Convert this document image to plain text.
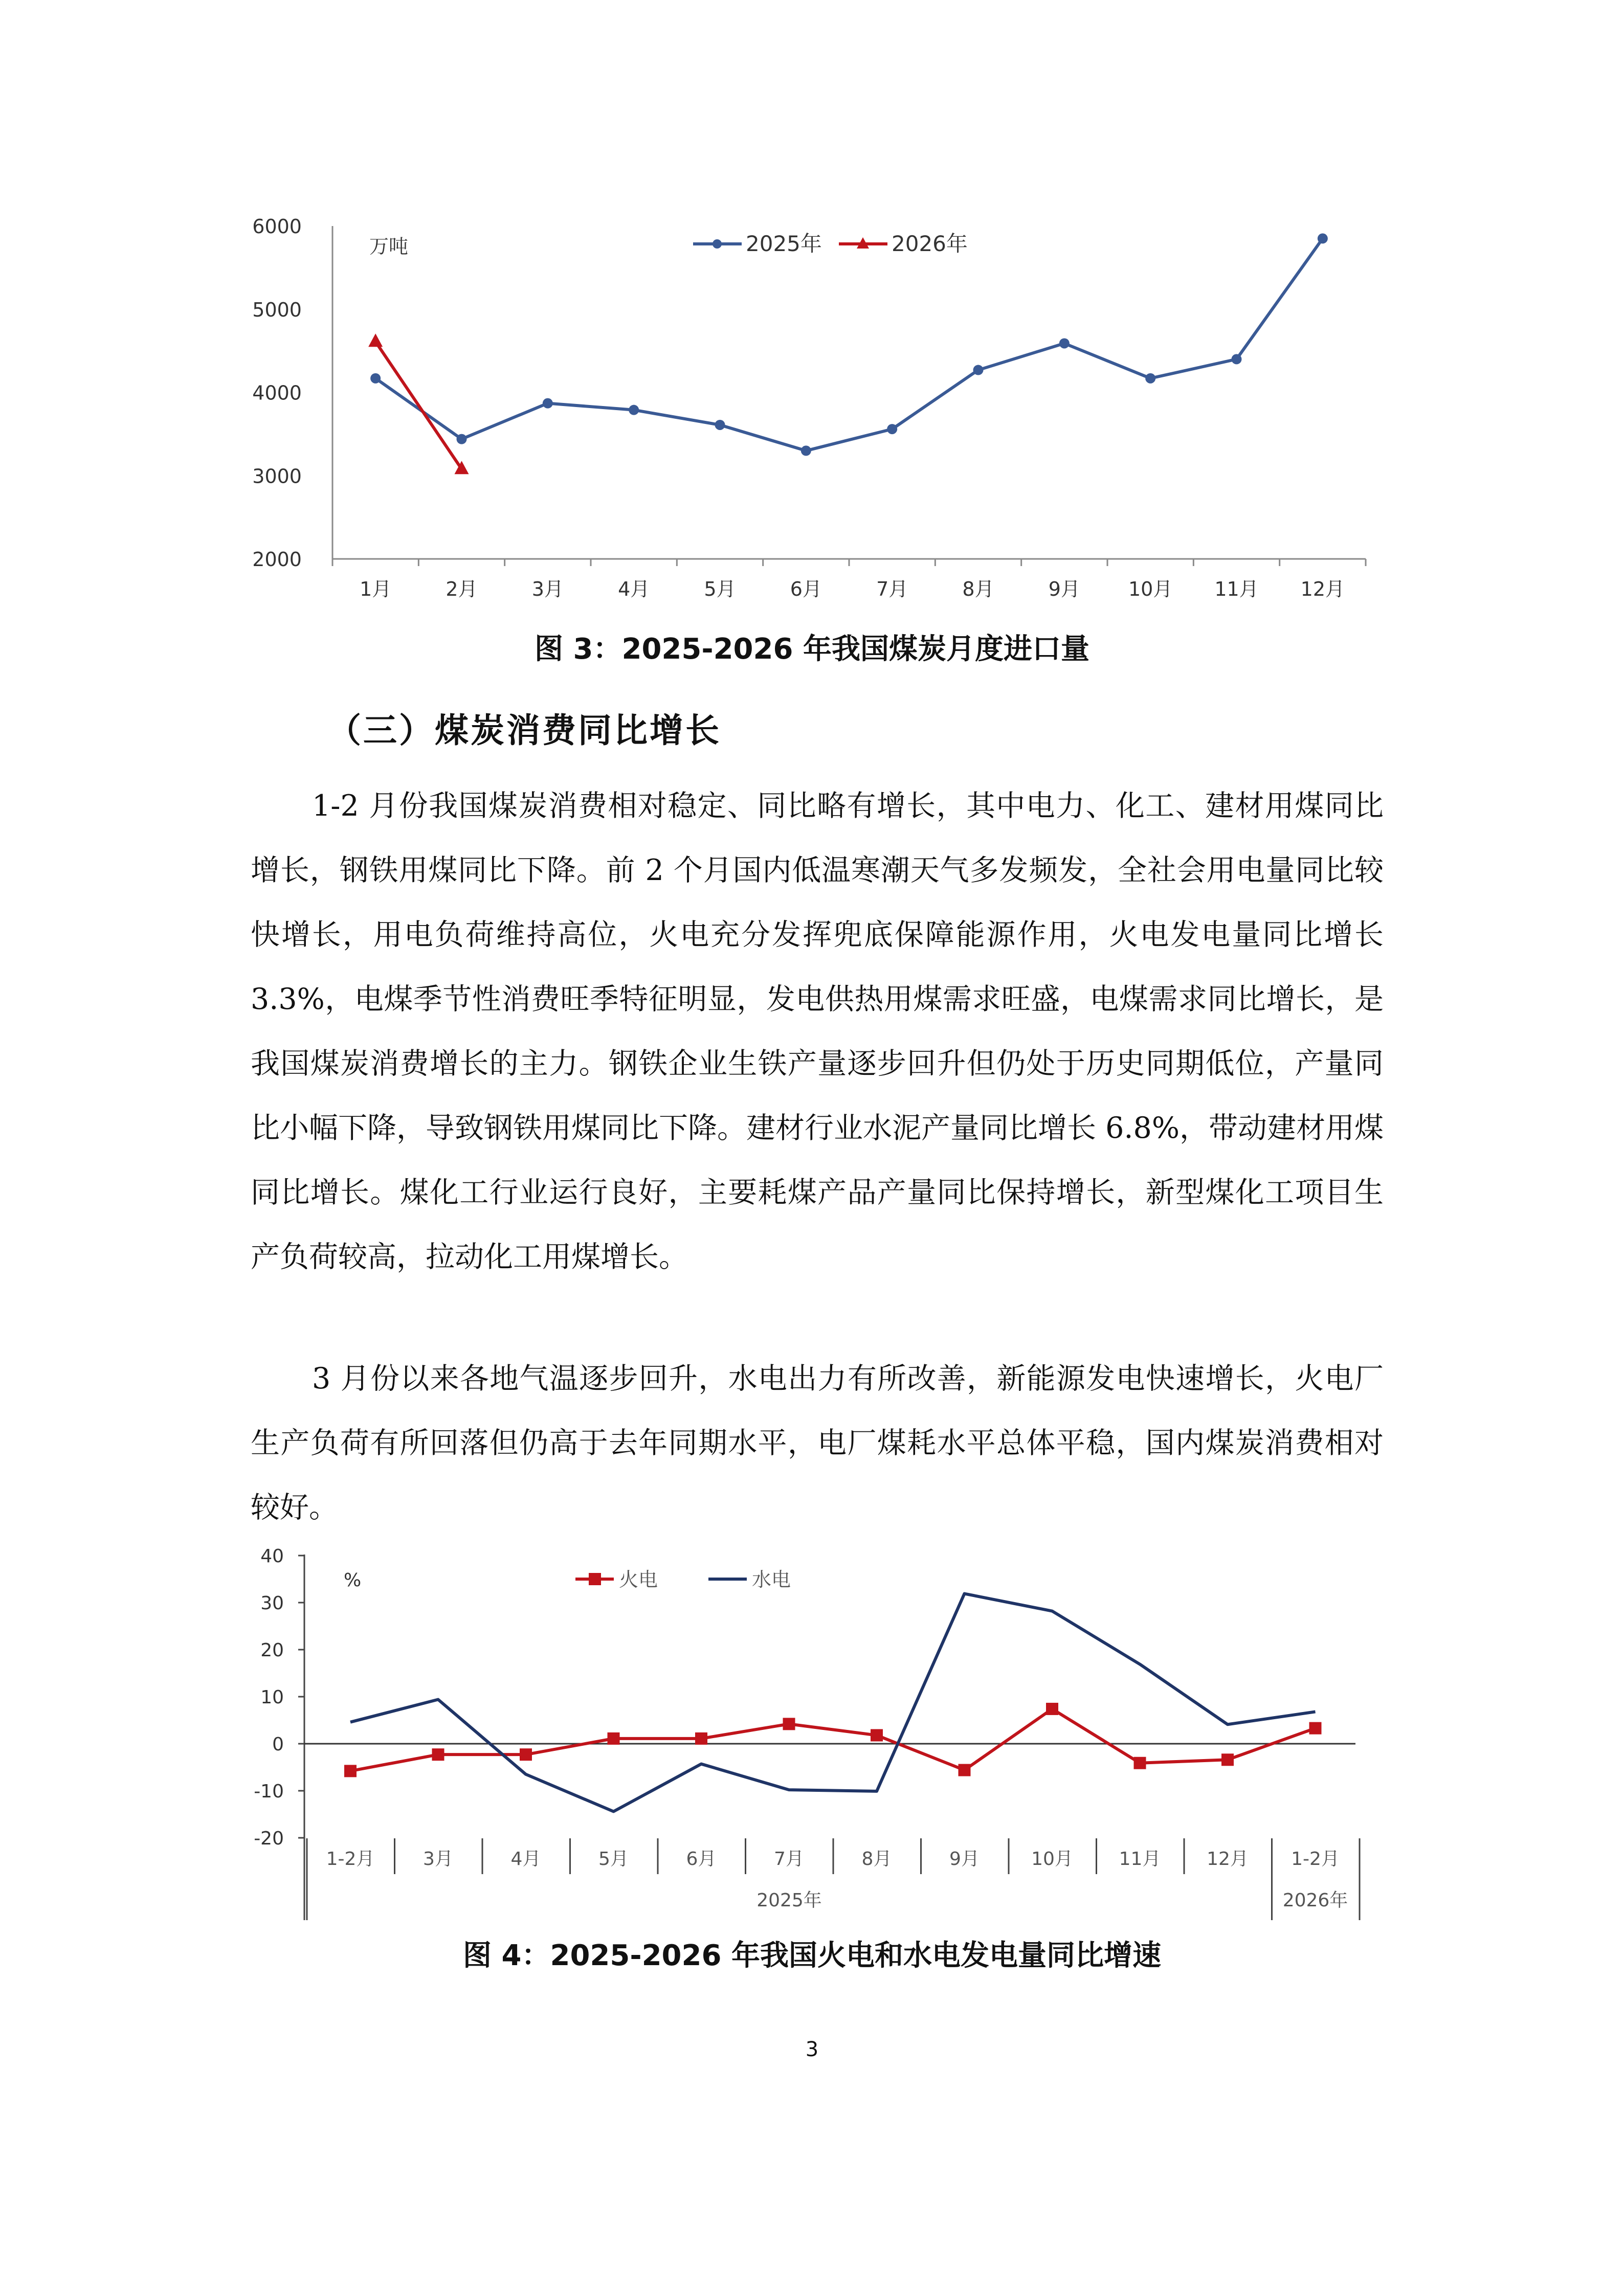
6000
5000
4000
3000
2000
1月	2月	3月	4月	5月	6月	7月	8月	9月 10月 11月 12月
万吨	2025年	2026年

图 3：2025-2026 年我国煤炭月度进口量

（三）煤炭消费同比增长

1-2 月份我国煤炭消费相对稳定、同比略有增长，其中电力、化工、建材用煤同比增长，钢铁用煤同比下降。前 2 个月国内低温寒潮天气多发频发，全社会用电量同比较快增长，用电负荷维持高位，火电充分发挥兜底保障能源作用，火电发电量同比增长 3.3%，电煤季节性消费旺季特征明显，发电供热用煤需求旺盛，电煤需求同比增长，是我国煤炭消费增长的主力。钢铁企业生铁产量逐步回升但仍处于历史同期低位，产量同比小幅下降，导致钢铁用煤同比下降。建材行业水泥产量同比增长 6.8%，带动建材用煤同比增长。煤化工行业运行良好，主要耗煤产品产量同比保持增长，新型煤化工项目生产负荷较高，拉动化工用煤增长。

3 月份以来各地气温逐步回升，水电出力有所改善，新能源发电快速增长，火电厂生产负荷有所回落但仍高于去年同期水平，电厂煤耗水平总体平稳，国内煤炭消费相对较好。

40
30
20
10
0
-10
-20
1-2月	3月	4月	5月	6月	7月	8月	9月	10月 11月 12月 1-2月
2025年	2026年
%	火电	水电

图 4：2025-2026 年我国火电和水电发电量同比增速

3
